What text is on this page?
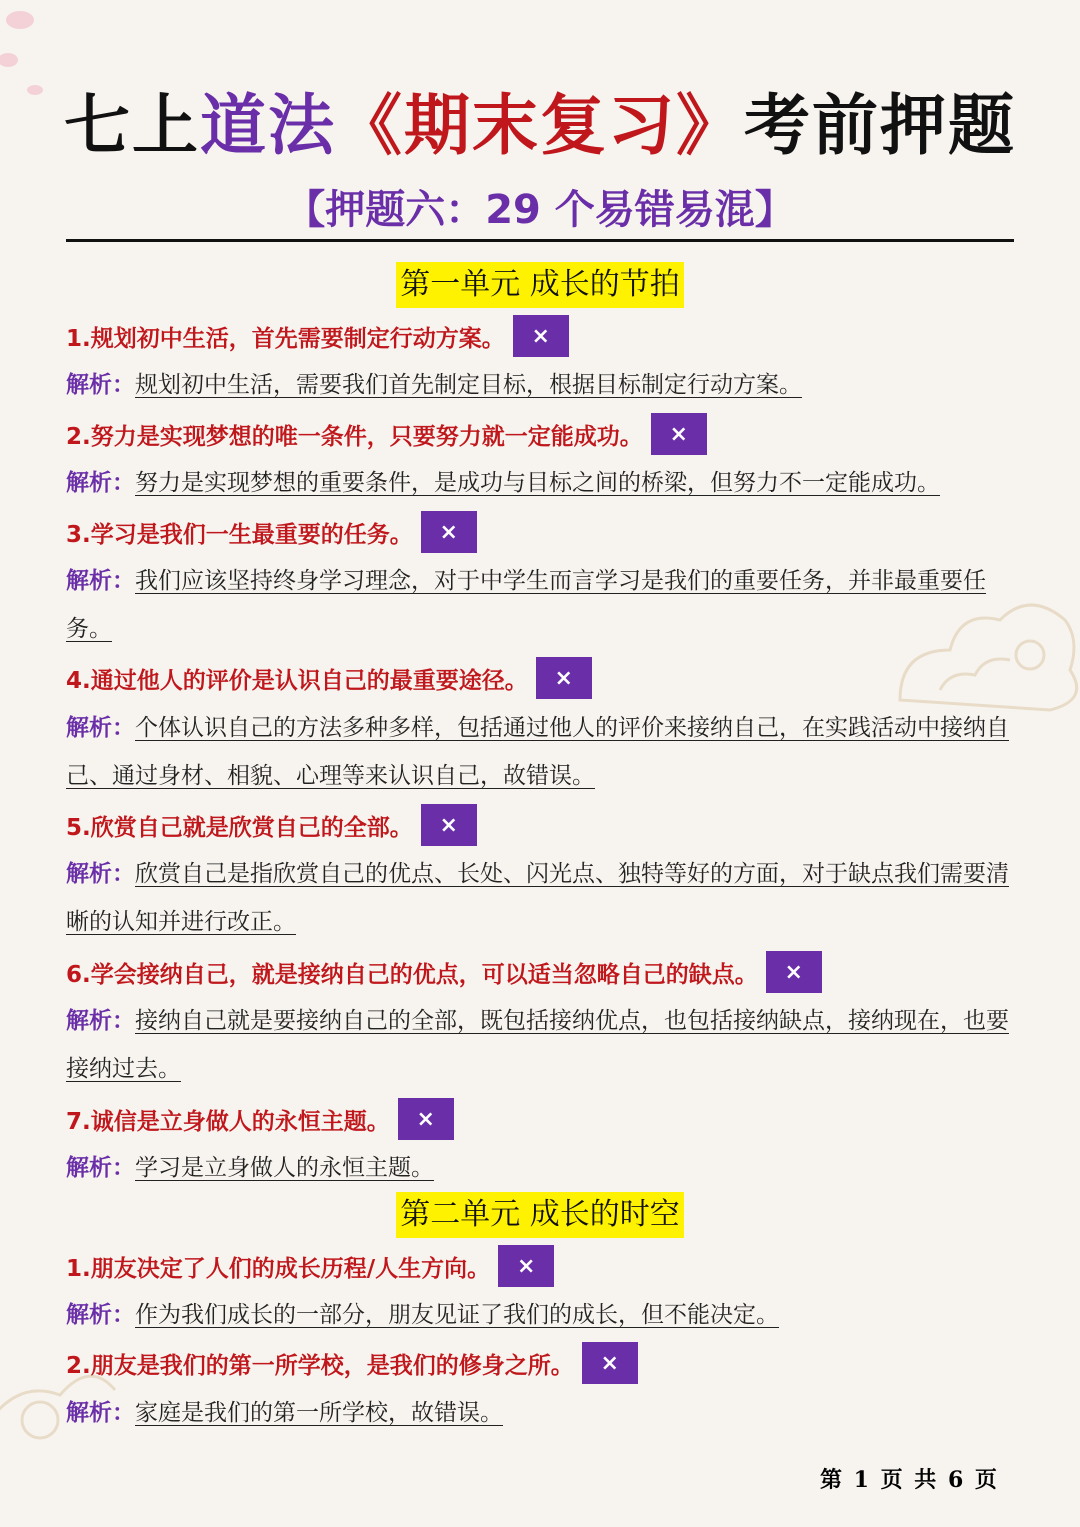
七上道法《期末复习》考前押题
【押题六：29 个易错易混】
第一单元 成长的节拍
1.规划初中生活，首先需要制定行动方案。	×
解析：规划初中生活，需要我们首先制定目标，根据目标制定行动方案。
2.努力是实现梦想的唯一条件，只要努力就一定能成功。	×
解析：努力是实现梦想的重要条件，是成功与目标之间的桥梁，但努力不一定能成功。
3.学习是我们一生最重要的任务。	×
解析：我们应该坚持终身学习理念，对于中学生而言学习是我们的重要任务，并非最重要任务。
4.通过他人的评价是认识自己的最重要途径。	×
解析：个体认识自己的方法多种多样，包括通过他人的评价来接纳自己，在实践活动中接纳自己、通过身材、相貌、心理等来认识自己，故错误。
5.欣赏自己就是欣赏自己的全部。	×
解析：欣赏自己是指欣赏自己的优点、长处、闪光点、独特等好的方面，对于缺点我们需要清晰的认知并进行改正。
6.学会接纳自己，就是接纳自己的优点，可以适当忽略自己的缺点。	×
解析：接纳自己就是要接纳自己的全部，既包括接纳优点，也包括接纳缺点，接纳现在，也要接纳过去。
7.诚信是立身做人的永恒主题。	×
解析：学习是立身做人的永恒主题。
第二单元 成长的时空
1.朋友决定了人们的成长历程/人生方向。	×
解析：作为我们成长的一部分，朋友见证了我们的成长，但不能决定。
2.朋友是我们的第一所学校，是我们的修身之所。	×
解析：家庭是我们的第一所学校，故错误。
第 1 页 共 6 页
